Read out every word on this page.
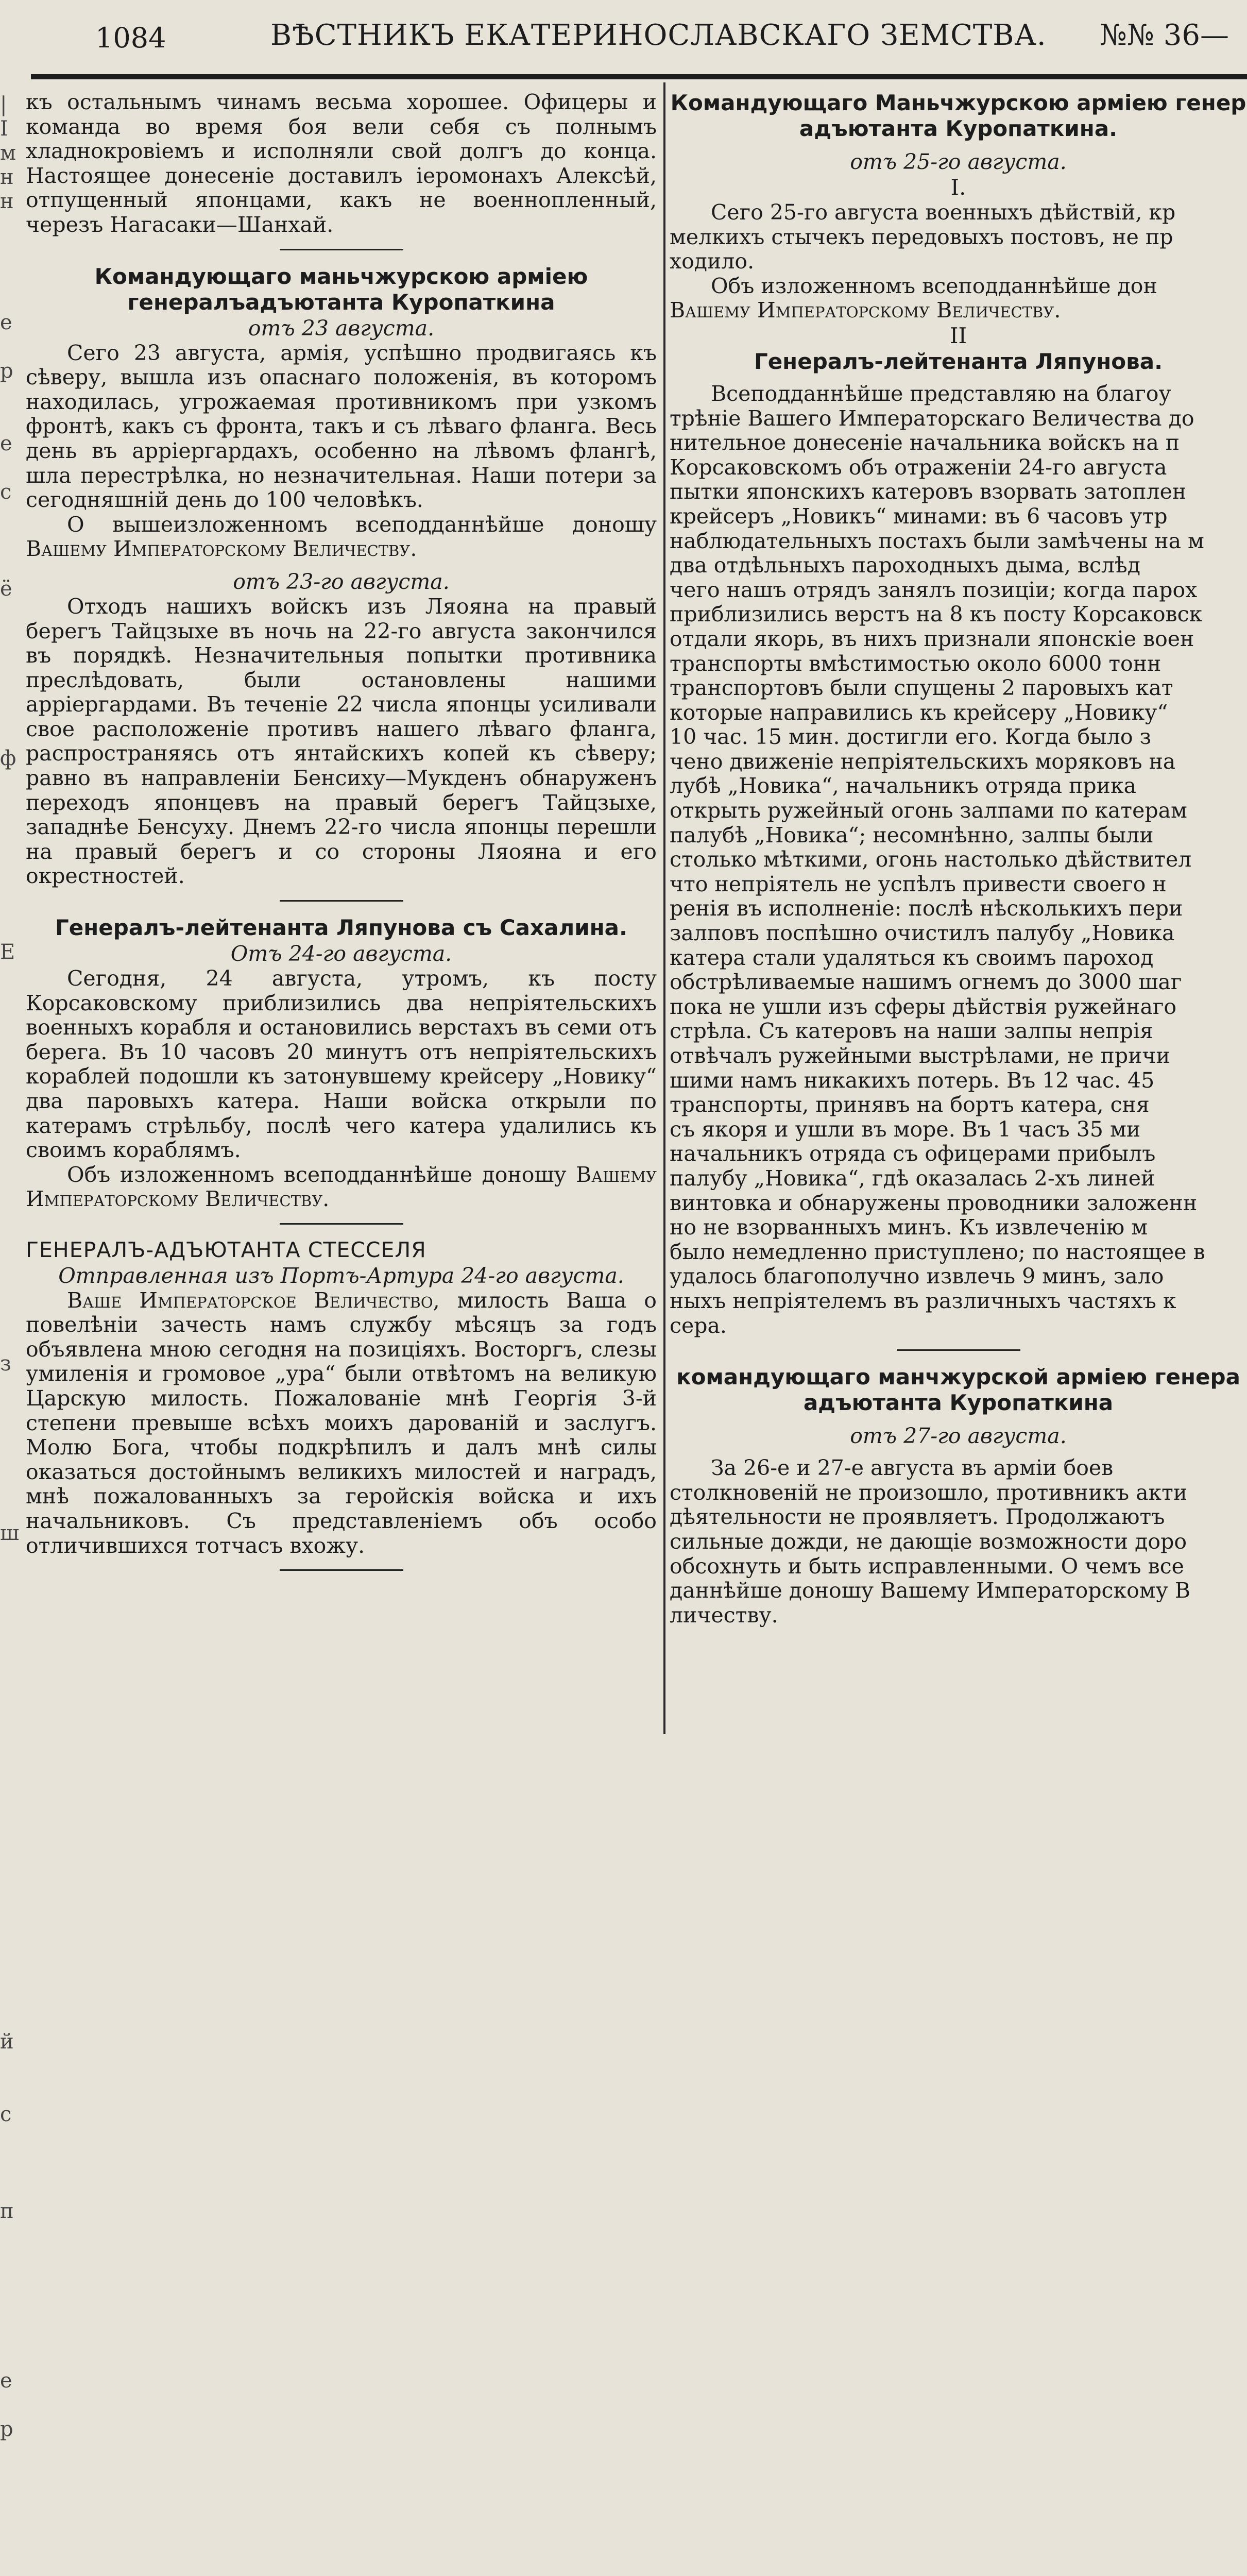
1084	ВѢСТНИКЪ ЕКАТЕРИНОСЛАВСКАГО ЗЕМСТВА. №№ 36—
|
I
м
н
н
е
р
е
с
ё
ф
Е
з
ш
й
с
п
е
р

къ остальнымъ чинамъ весьма хорошее. Офицеры и команда во время боя вели себя съ полнымъ хладнокровіемъ и исполняли свой долгъ до конца. Настоящее донесеніе доставилъ іеромонахъ Алексѣй, отпущенный японцами, какъ не военнопленный, черезъ Нагасаки—Шанхай.

Командующаго маньчжурскою арміею генералъадъютанта Куропаткина

отъ 23 августа.

Сего 23 августа, армія, успѣшно продвигаясь къ сѣверу, вышла изъ опаснаго положенія, въ которомъ находилась, угрожаемая противникомъ при узкомъ фронтѣ, какъ съ фронта, такъ и съ лѣваго фланга. Весь день въ арріергардахъ, особенно на лѣвомъ флангѣ, шла перестрѣлка, но незначительная. Наши потери за сегодняшній день до 100 человѣкъ.

О вышеизложенномъ всеподданнѣйше доношу Вашему Императорскому Величеству.

отъ 23-го августа.

Отходъ нашихъ войскъ изъ Ляояна на правый берегъ Тайцзыхе въ ночь на 22-го августа закончился въ порядкѣ. Незначительныя попытки противника преслѣдовать, были остановлены нашими арріергардами. Въ теченіе 22 числа японцы усиливали свое расположеніе противъ нашего лѣваго фланга, распространяясь отъ янтайскихъ копей къ сѣверу; равно въ направленіи Бенсиху—Мукденъ обнаруженъ переходъ японцевъ на правый берегъ Тайцзыхе, западнѣе Бенсуху. Днемъ 22-го числа японцы перешли на правый берегъ и со стороны Ляояна и его окрестностей.

Генералъ-лейтенанта Ляпунова съ Сахалина.

Отъ 24-го августа.

Сегодня, 24 августа, утромъ, къ посту Корсаковскому приблизились два непріятельскихъ военныхъ корабля и остановились верстахъ въ семи отъ берега. Въ 10 часовъ 20 минутъ отъ непріятельскихъ кораблей подошли къ затонувшему крейсеру „Новику“ два паровыхъ катера. Наши войска открыли по катерамъ стрѣльбу, послѣ чего катера удалились къ своимъ кораблямъ.

Объ изложенномъ всеподданнѣйше доношу Вашему Императорскому Величеству.

ГЕНЕРАЛЪ-АДЪЮТАНТА СТЕССЕЛЯ

Отправленная изъ Портъ-Артура 24-го августа.

Ваше Императорское Величество, милость Ваша о повелѣніи зачесть намъ службу мѣсяцъ за годъ объявлена мною сегодня на позиціяхъ. Восторгъ, слезы умиленія и громовое „ура“ были отвѣтомъ на великую Царскую милость. Пожалованіе мнѣ Георгія 3-й степени превыше всѣхъ моихъ дарованій и заслугъ. Молю Бога, чтобы подкрѣпилъ и далъ мнѣ силы оказаться достойнымъ великихъ милостей и наградъ, мнѣ пожалованныхъ за геройскія войска и ихъ начальниковъ. Съ представленіемъ объ особо отличившихся тотчасъ вхожу.

Командующаго Маньчжурскою арміею генер

адъютанта Куропаткина.

отъ 25-го августа.

I.

Сего 25-го августа военныхъ дѣйствій, кр

мелкихъ стычекъ передовыхъ постовъ, не пр

ходило.

Объ изложенномъ всеподданнѣйше дон

Вашему Императорскому Величеству.

II

Генералъ-лейтенанта Ляпунова.

Всеподданнѣйше представляю на благоу

трѣніе Вашего Императорскаго Величества до

нительное донесеніе начальника войскъ на п

Корсаковскомъ объ отраженіи 24-го августа

пытки японскихъ катеровъ взорвать затоплен

крейсеръ „Новикъ“ минами: въ 6 часовъ утр

наблюдательныхъ постахъ были замѣчены на м

два отдѣльныхъ пароходныхъ дыма, вслѣд

чего нашъ отрядъ занялъ позиціи; когда парох

приблизились верстъ на 8 къ посту Корсаковск

отдали якорь, въ нихъ признали японскіе воен

транспорты вмѣстимостью около 6000 тонн

транспортовъ были спущены 2 паровыхъ кат

которые направились къ крейсеру „Новику“

10 час. 15 мин. достигли его. Когда было з

чено движеніе непріятельскихъ моряковъ на

лубѣ „Новика“, начальникъ отряда прика

открыть ружейный огонь залпами по катерам

палубѣ „Новика“; несомнѣнно, залпы были

столько мѣткими, огонь настолько дѣйствител

что непріятель не успѣлъ привести своего н

ренія въ исполненіе: послѣ нѣсколькихъ пери

залповъ поспѣшно очистилъ палубу „Новика

катера стали удаляться къ своимъ пароход

обстрѣливаемые нашимъ огнемъ до 3000 шаг

пока не ушли изъ сферы дѣйствія ружейнаго

стрѣла. Съ катеровъ на наши залпы непрія

отвѣчалъ ружейными выстрѣлами, не причи

шими намъ никакихъ потерь. Въ 12 час. 45

транспорты, принявъ на бортъ катера, сня

съ якоря и ушли въ море. Въ 1 часъ 35 ми

начальникъ отряда съ офицерами прибылъ

палубу „Новика“, гдѣ оказалась 2-хъ линей

винтовка и обнаружены проводники заложенн

но не взорванныхъ минъ. Къ извлеченію м

было немедленно приступлено; по настоящее в

удалось благополучно извлечь 9 минъ, зало

ныхъ непріятелемъ въ различныхъ частяхъ к

сера.

командующаго манчжурской арміею генера

адъютанта Куропаткина

отъ 27-го августа.

За 26-е и 27-е августа въ арміи боев

столкновеній не произошло, противникъ акти

дѣятельности не проявляетъ. Продолжаютъ

сильные дожди, не дающіе возможности доро

обсохнуть и быть исправленными. О чемъ все

даннѣйше доношу Вашему Императорскому В

личеству.
